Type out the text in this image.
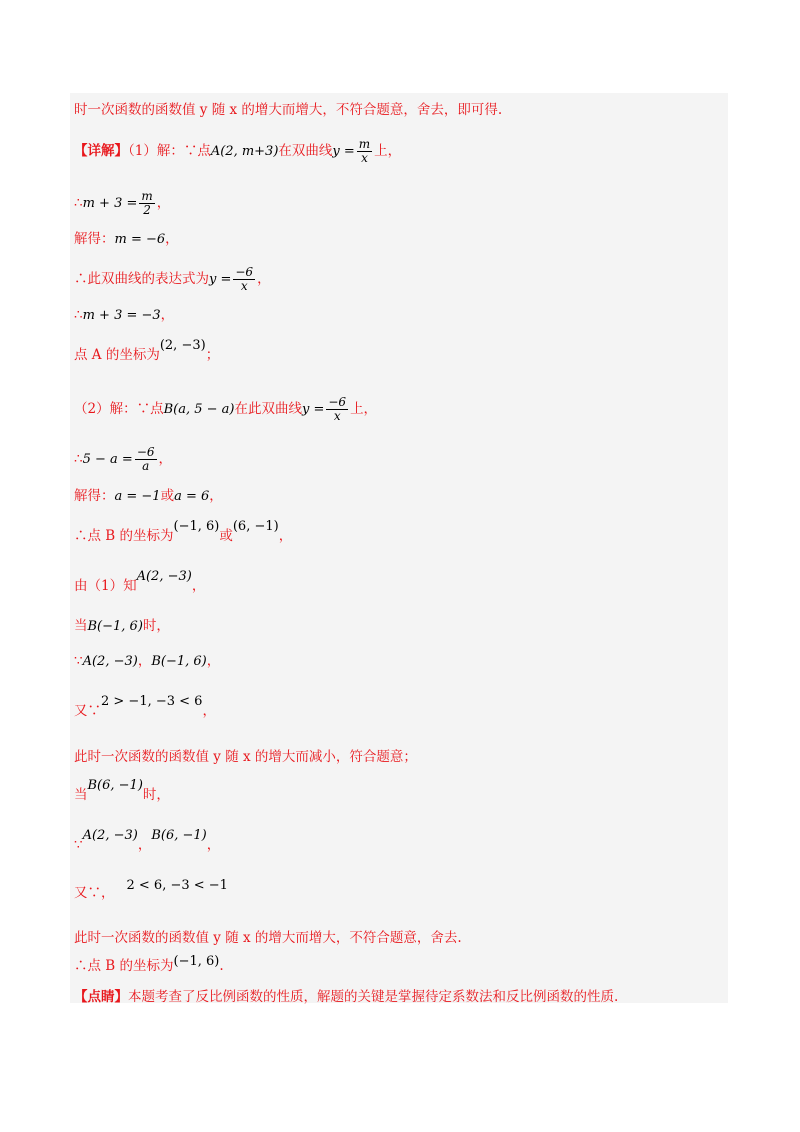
时一次函数的函数值 y 随 x 的增大而增大，不符合题意，舍去，即可得.
【详解】（1）解：∵点A(2, m+3)在双曲线$y = \frac{m}{x}$ 上，
∴m + $3 = \frac{m}{2}$ ，
解得：m = −6，
∴此双曲线的表达式为$y = \frac{-6}{x}$ ，
∴m + 3 = −3，
点 A 的坐标为(2, −3)；
（2）解：∵点B(a, 5 − a)在此双曲线$y = \frac{-6}{x}$ 上，
∴5 − $a = \frac{-6}{a}$ ，
解得：a = −1或a = 6，
∴点 B 的坐标为(−1, 6)或(6, −1)，
由（1）知A(2, −3)，
当B(−1, 6)时，
∵A(2, −3)，B(−1, 6)，
又∵2 > −1, −3 < 6，
此时一次函数的函数值 y 随 x 的增大而减小，符合题意；
当B(6, −1)时，
∵A(2, −3)，B(6, −1)，
又∵， 2 < 6, −3 < −1
此时一次函数的函数值 y 随 x 的增大而增大，不符合题意，舍去.
∴点 B 的坐标为(−1, 6).
【点睛】本题考查了反比例函数的性质，解题的关键是掌握待定系数法和反比例函数的性质.
